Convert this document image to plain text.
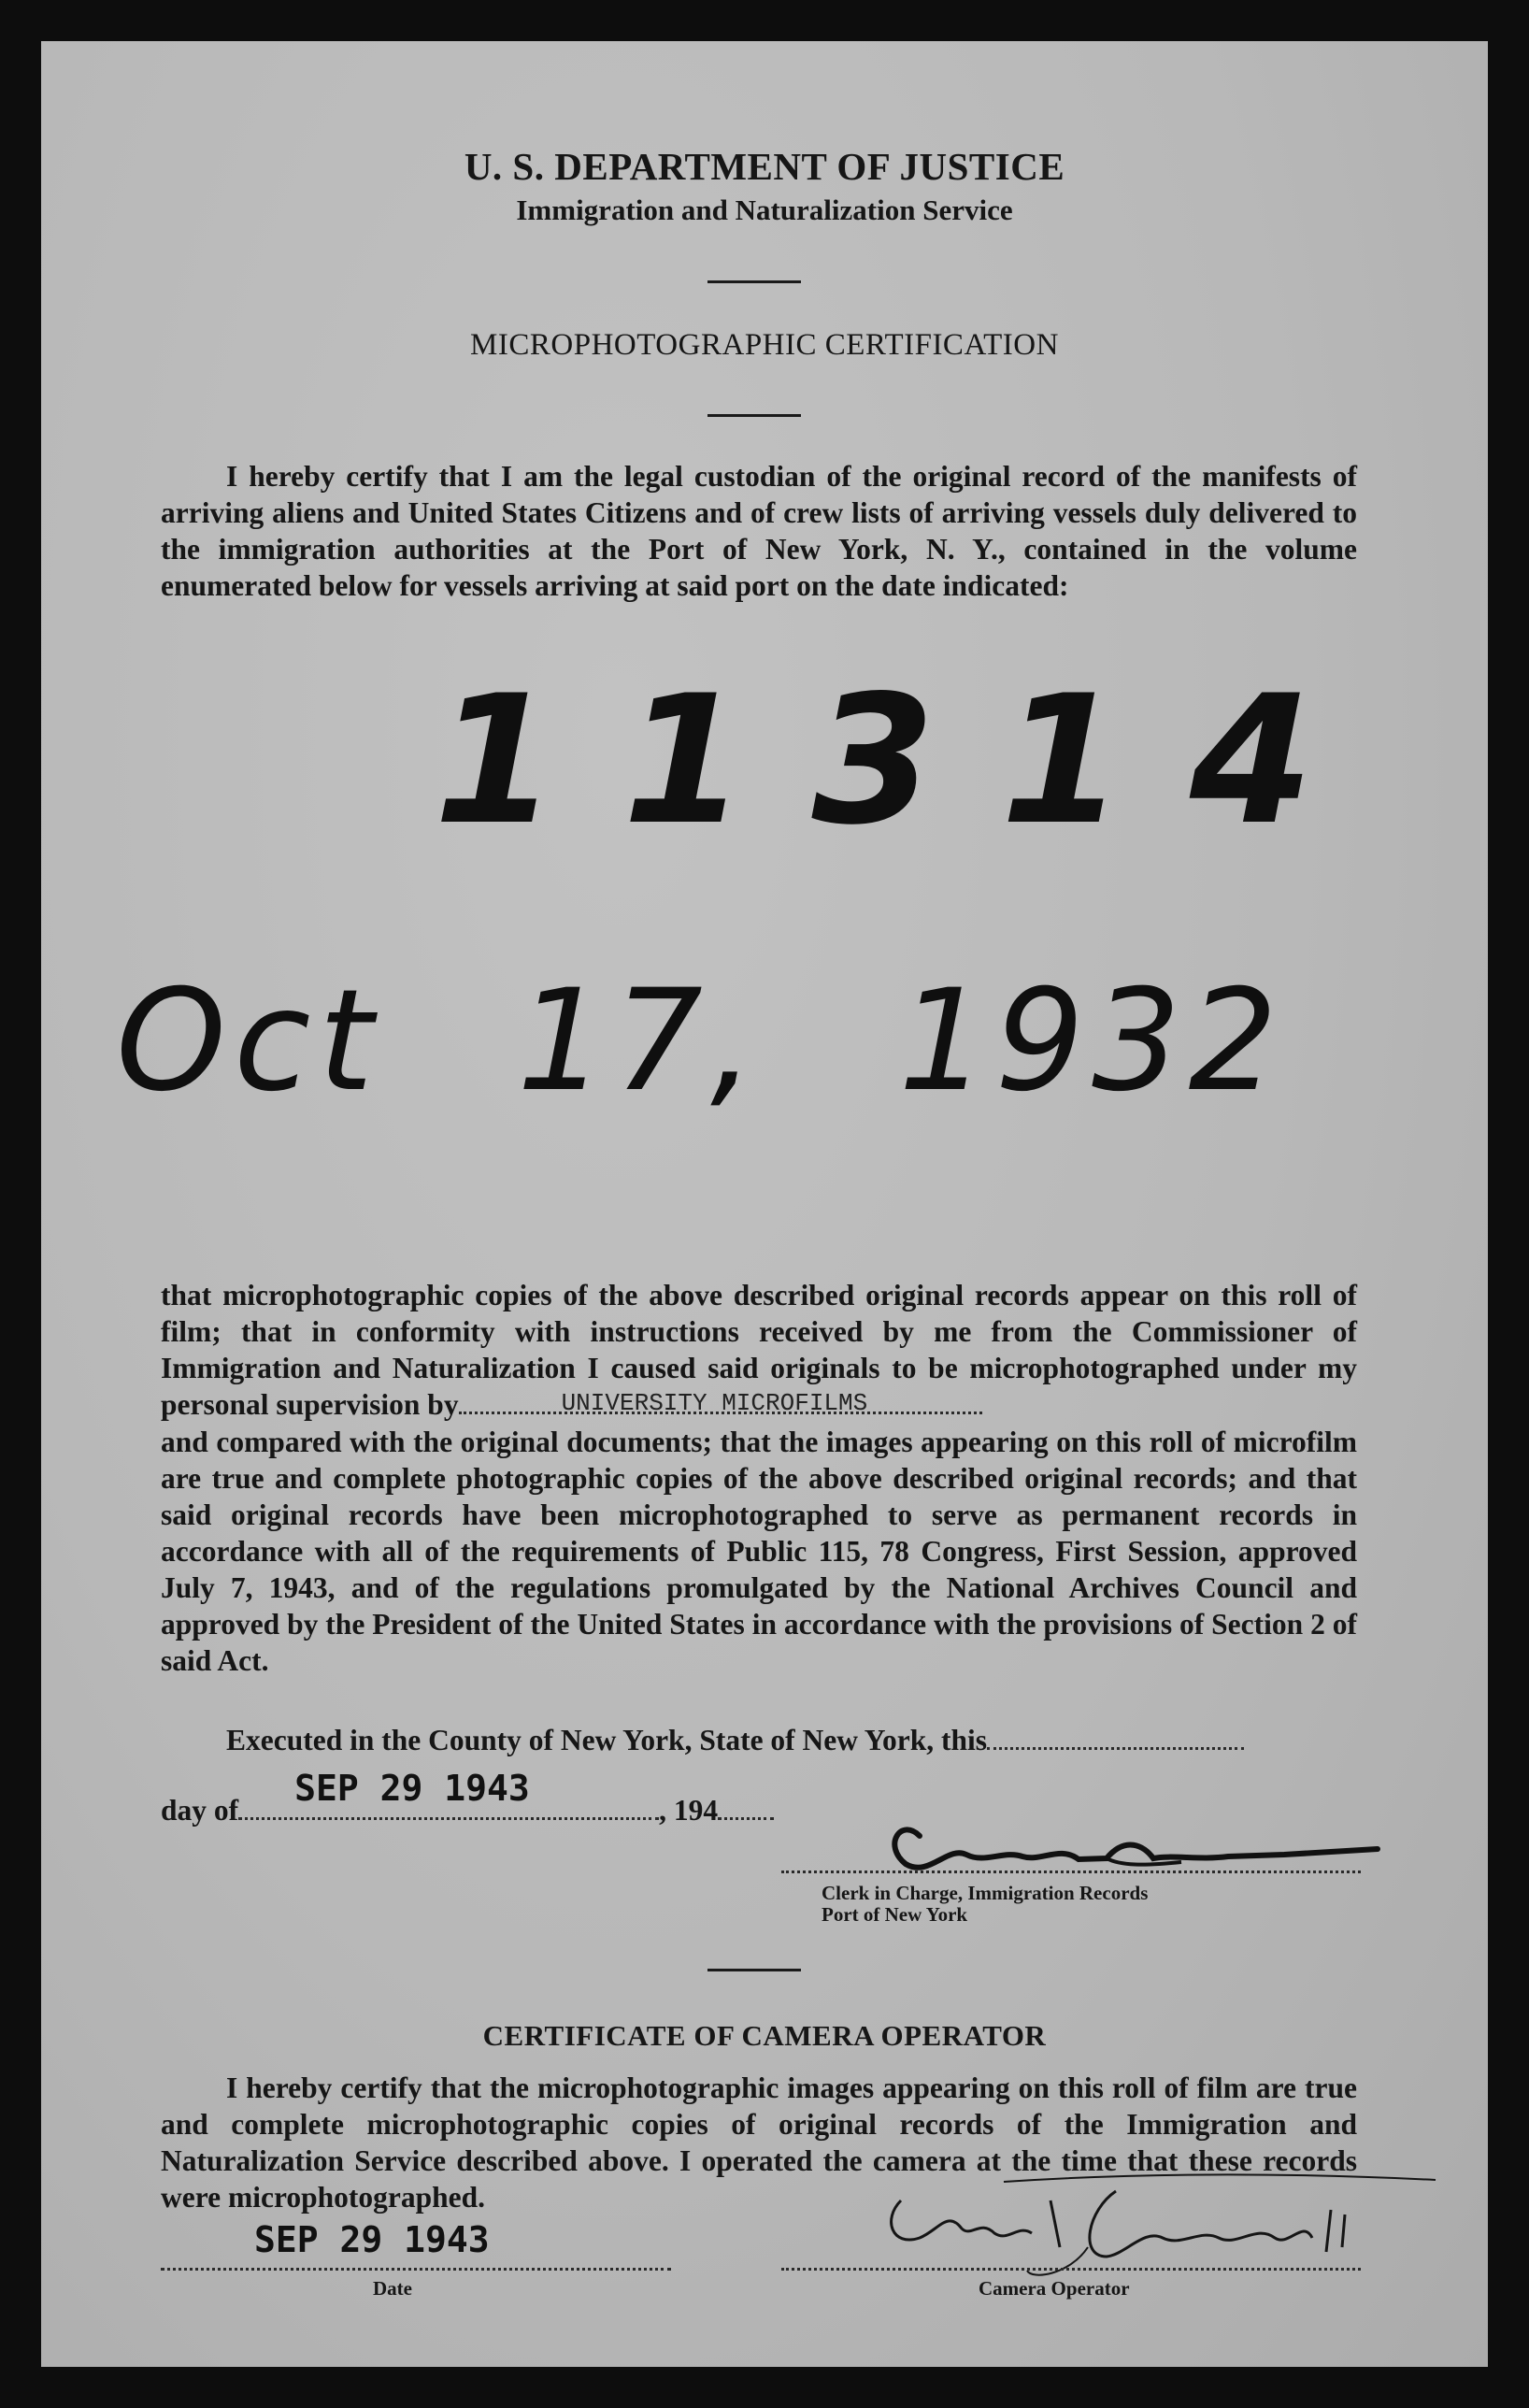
U. S. DEPARTMENT OF JUSTICE
Immigration and Naturalization Service
MICROPHOTOGRAPHIC CERTIFICATION
I hereby certify that I am the legal custodian of the original record of the manifests of arriving aliens and United States Citizens and of crew lists of arriving vessels duly delivered to the immigration authorities at the Port of New York, N. Y., contained in the volume enumerated below for vessels arriving at said port on the date indicated:
11314
Oct 17, 1932
that microphotographic copies of the above described original records appear on this roll of film; that in conformity with instructions received by me from the Commissioner of Immigration and Naturalization I caused said originals to be microphotographed under my personal supervision by	UNIVERSITY MICROFILMS
and compared with the original documents; that the images appearing on this roll of microfilm are true and complete photographic copies of the above described original records; and that said original records have been microphotographed to serve as permanent records in accordance with all of the requirements of Public 115, 78 Congress, First Session, approved July 7, 1943, and of the regulations promulgated by the National Archives Council and approved by the President of the United States in accordance with the provisions of Section 2 of said Act.
Executed in the County of New York, State of New York, this
day of
SEP 29 1943
, 194
Clerk in Charge, Immigration Records
Port of New York
CERTIFICATE OF CAMERA OPERATOR
I hereby certify that the microphotographic images appearing on this roll of film are true and complete microphotographic copies of original records of the Immigration and Naturalization Service described above. I operated the camera at the time that these records were microphotographed.
SEP 29 1943
Date	Camera Operator
